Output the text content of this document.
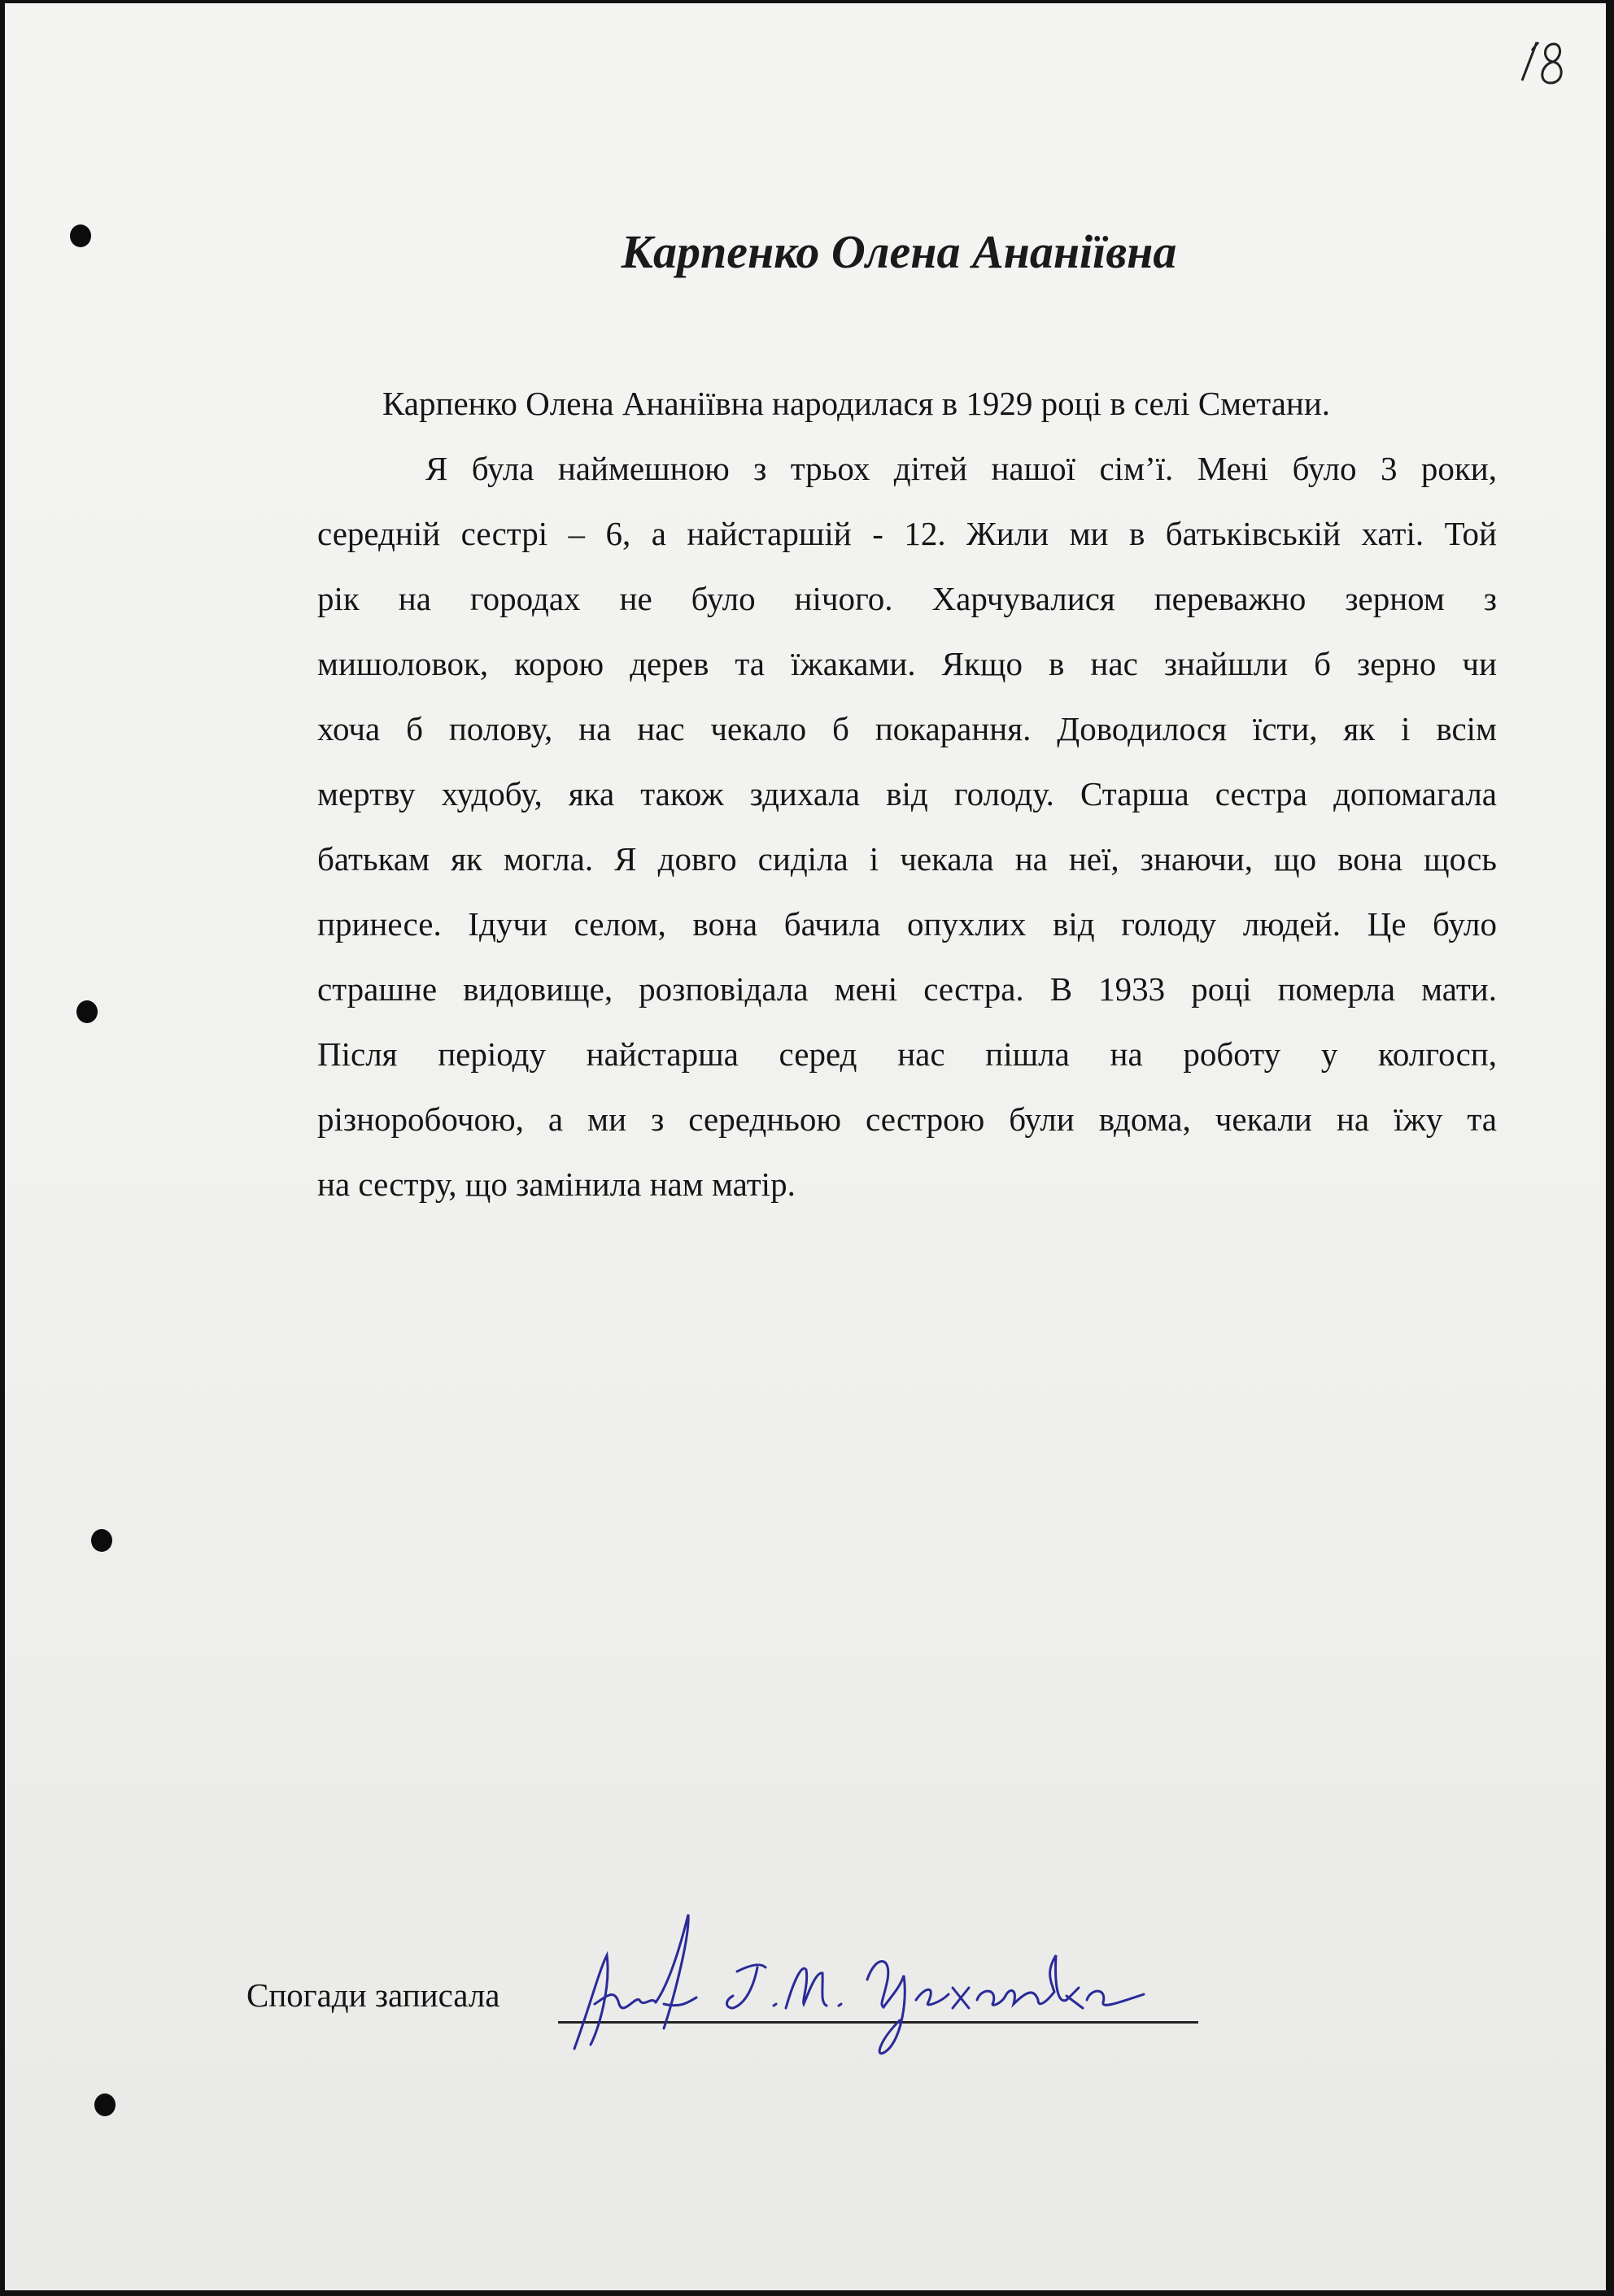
Карпенко Олена Ананіївна
Карпенко Олена Ананіївна народилася в 1929 році в селі Сметани.
Я була наймешною з трьох дітей нашої сім’ї. Мені було 3 роки,
середній сестрі – 6, а найстаршій - 12. Жили ми в батьківській хаті. Той
рік на городах не було нічого. Харчувалися переважно зерном з
мишоловок, корою дерев та їжаками. Якщо в нас знайшли б зерно чи
хоча б полову, на нас чекало б покарання. Доводилося їсти, як і всім
мертву худобу, яка також здихала від голоду. Старша сестра допомагала
батькам як могла. Я довго сиділа і чекала на неї, знаючи, що вона щось
принесе. Ідучи селом, вона бачила опухлих від голоду людей. Це було
страшне видовище, розповідала мені сестра. В 1933 році померла мати.
Після періоду найстарша серед нас пішла на роботу у колгосп,
різноробочою, а ми з середньою сестрою були вдома, чекали на їжу та
на сестру, що замінила нам матір.
Спогади записала
